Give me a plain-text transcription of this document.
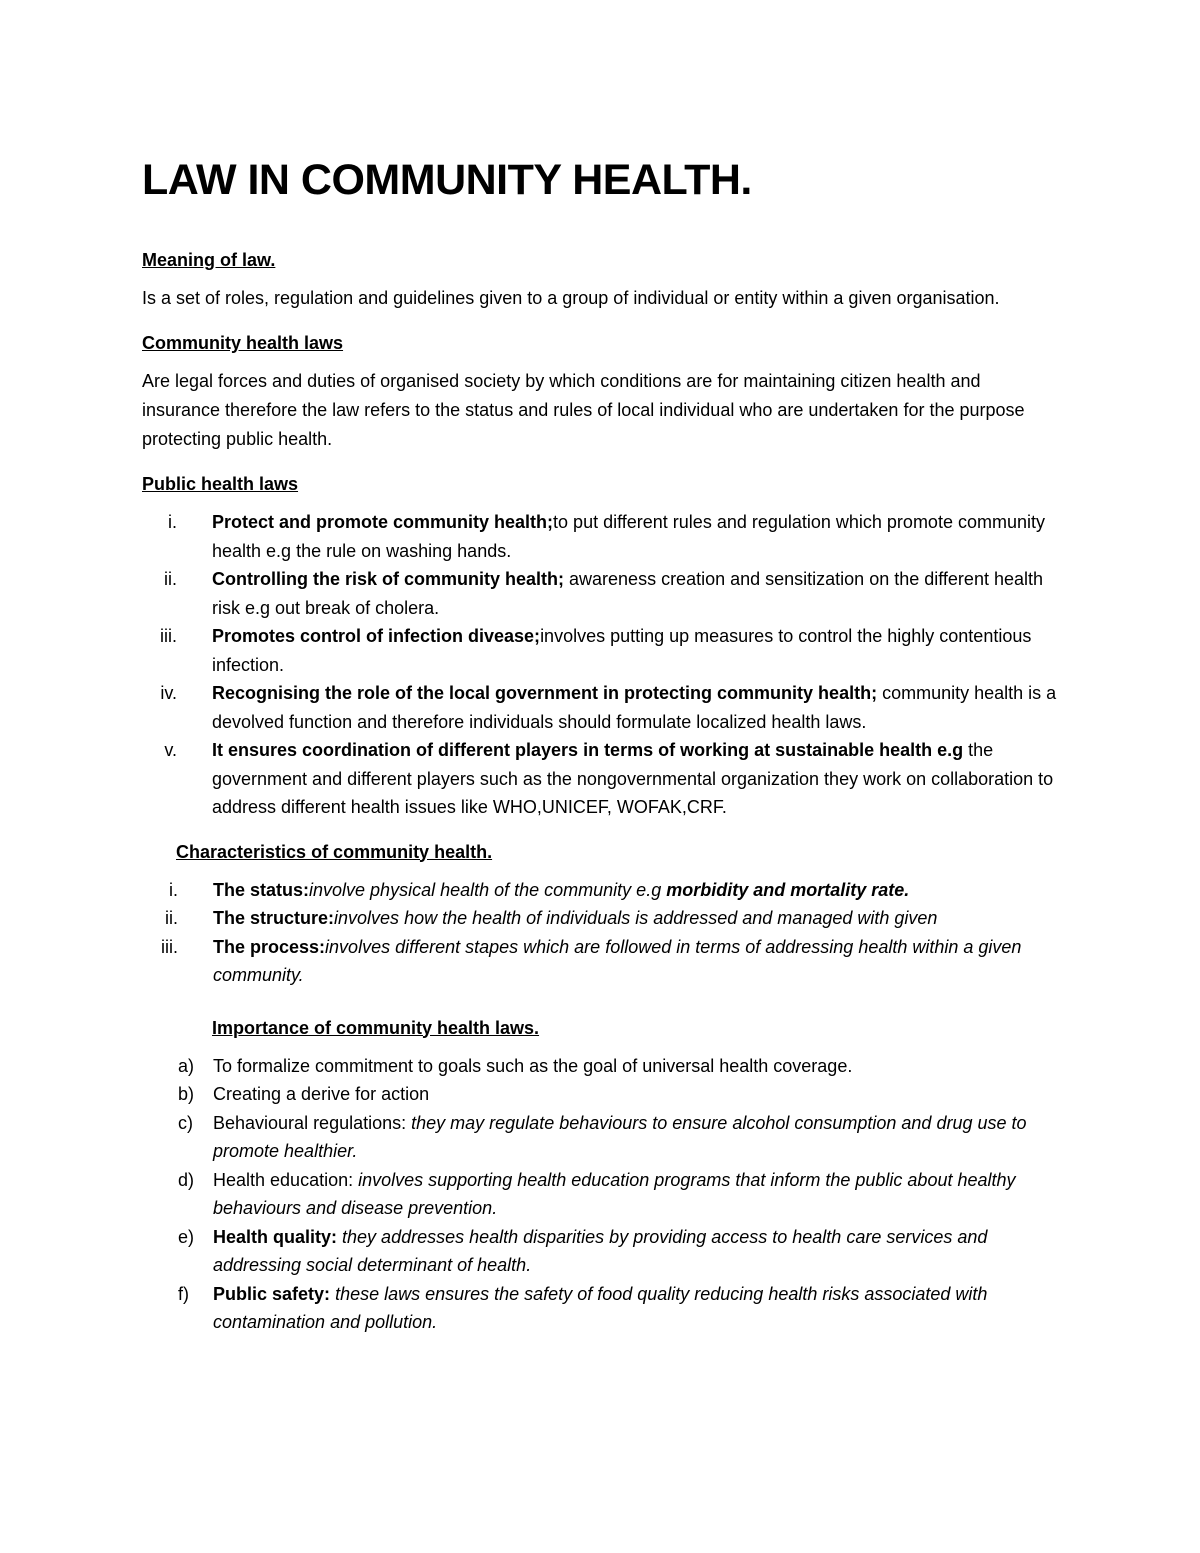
LAW IN COMMUNITY HEALTH.
Meaning of law.

Is a set of roles, regulation and guidelines given to a group of individual or entity within a given organisation.

Community health laws

Are legal forces and duties of organised society by which conditions are for maintaining citizen health and insurance therefore the law refers to the status and rules of local individual who are undertaken for the purpose protecting public health.

Public health laws
i. Protect and promote community health;to put different rules and regulation which promote community health e.g the rule on washing hands.
ii. Controlling the risk of community health; awareness creation and sensitization on the different health risk e.g out break of cholera.
iii. Promotes control of infection divease;involves putting up measures to control the highly contentious infection.
iv. Recognising the role of the local government in protecting community health; community health is a devolved function and therefore individuals should formulate localized health laws.
v. It ensures coordination of different players in terms of working at sustainable health e.g the government and different players such as the nongovernmental organization they work on collaboration to address different health issues like WHO,UNICEF, WOFAK,CRF.
Characteristics of community health.
i. The status:involve physical health of the community e.g morbidity and mortality rate.
ii. The structure:involves how the health of individuals is addressed and managed with given
iii. The process:involves different stapes which are followed in terms of addressing health within a given community.
Importance of community health laws.
a)	To formalize commitment to goals such as the goal of universal health coverage.
b)	Creating a derive for action
c)	Behavioural regulations: they may regulate behaviours to ensure alcohol consumption and drug use to promote healthier.
d)	Health education: involves supporting health education programs that inform the public about healthy behaviours and disease prevention.
e)	Health quality: they addresses health disparities by providing access to health care services and addressing social determinant of health.
f)	Public safety: these laws ensures the safety of food quality reducing health risks associated with contamination and pollution.
